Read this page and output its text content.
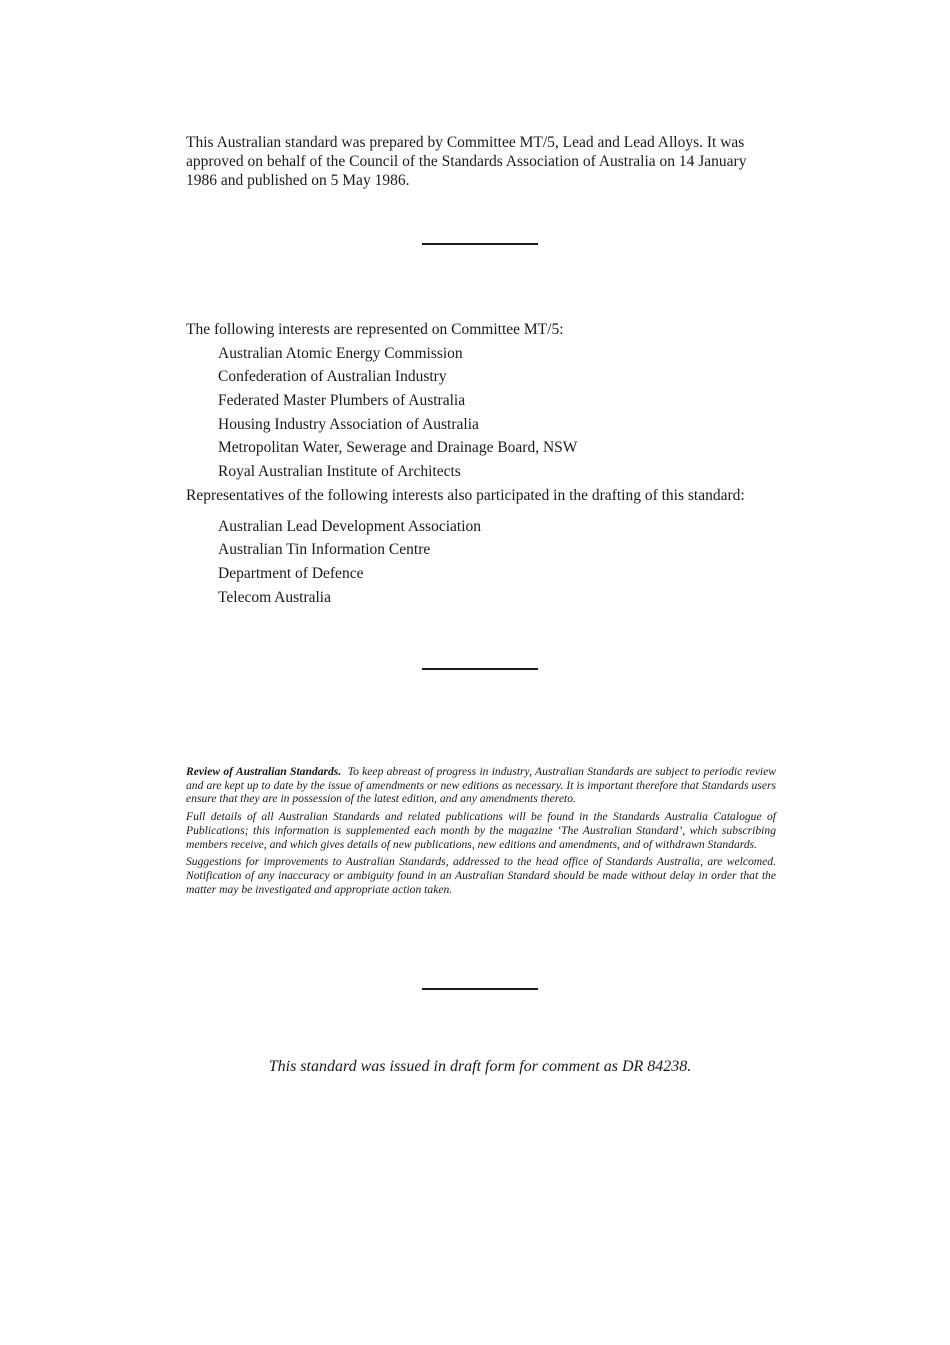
This Australian standard was prepared by Committee MT/5, Lead and Lead Alloys. It was approved on behalf of the Council of the Standards Association of Australia on 14 January 1986 and published on 5 May 1986.
The following interests are represented on Committee MT/5:
Australian Atomic Energy Commission
Confederation of Australian Industry
Federated Master Plumbers of Australia
Housing Industry Association of Australia
Metropolitan Water, Sewerage and Drainage Board, NSW
Royal Australian Institute of Architects
Representatives of the following interests also participated in the drafting of this standard:
Australian Lead Development Association
Australian Tin Information Centre
Department of Defence
Telecom Australia

Review of Australian Standards. To keep abreast of progress in industry, Australian Standards are subject to periodic review and are kept up to date by the issue of amendments or new editions as necessary. It is important therefore that Standards users ensure that they are in possession of the latest edition, and any amendments thereto.

Full details of all Australian Standards and related publications will be found in the Standards Australia Catalogue of Publications; this information is supplemented each month by the magazine ‘The Australian Standard’, which subscribing members receive, and which gives details of new publications, new editions and amendments, and of withdrawn Standards.

Suggestions for improvements to Australian Standards, addressed to the head office of Standards Australia, are welcomed. Notification of any inaccuracy or ambiguity found in an Australian Standard should be made without delay in order that the matter may be investigated and appropriate action taken.

This standard was issued in draft form for comment as DR 84238.
